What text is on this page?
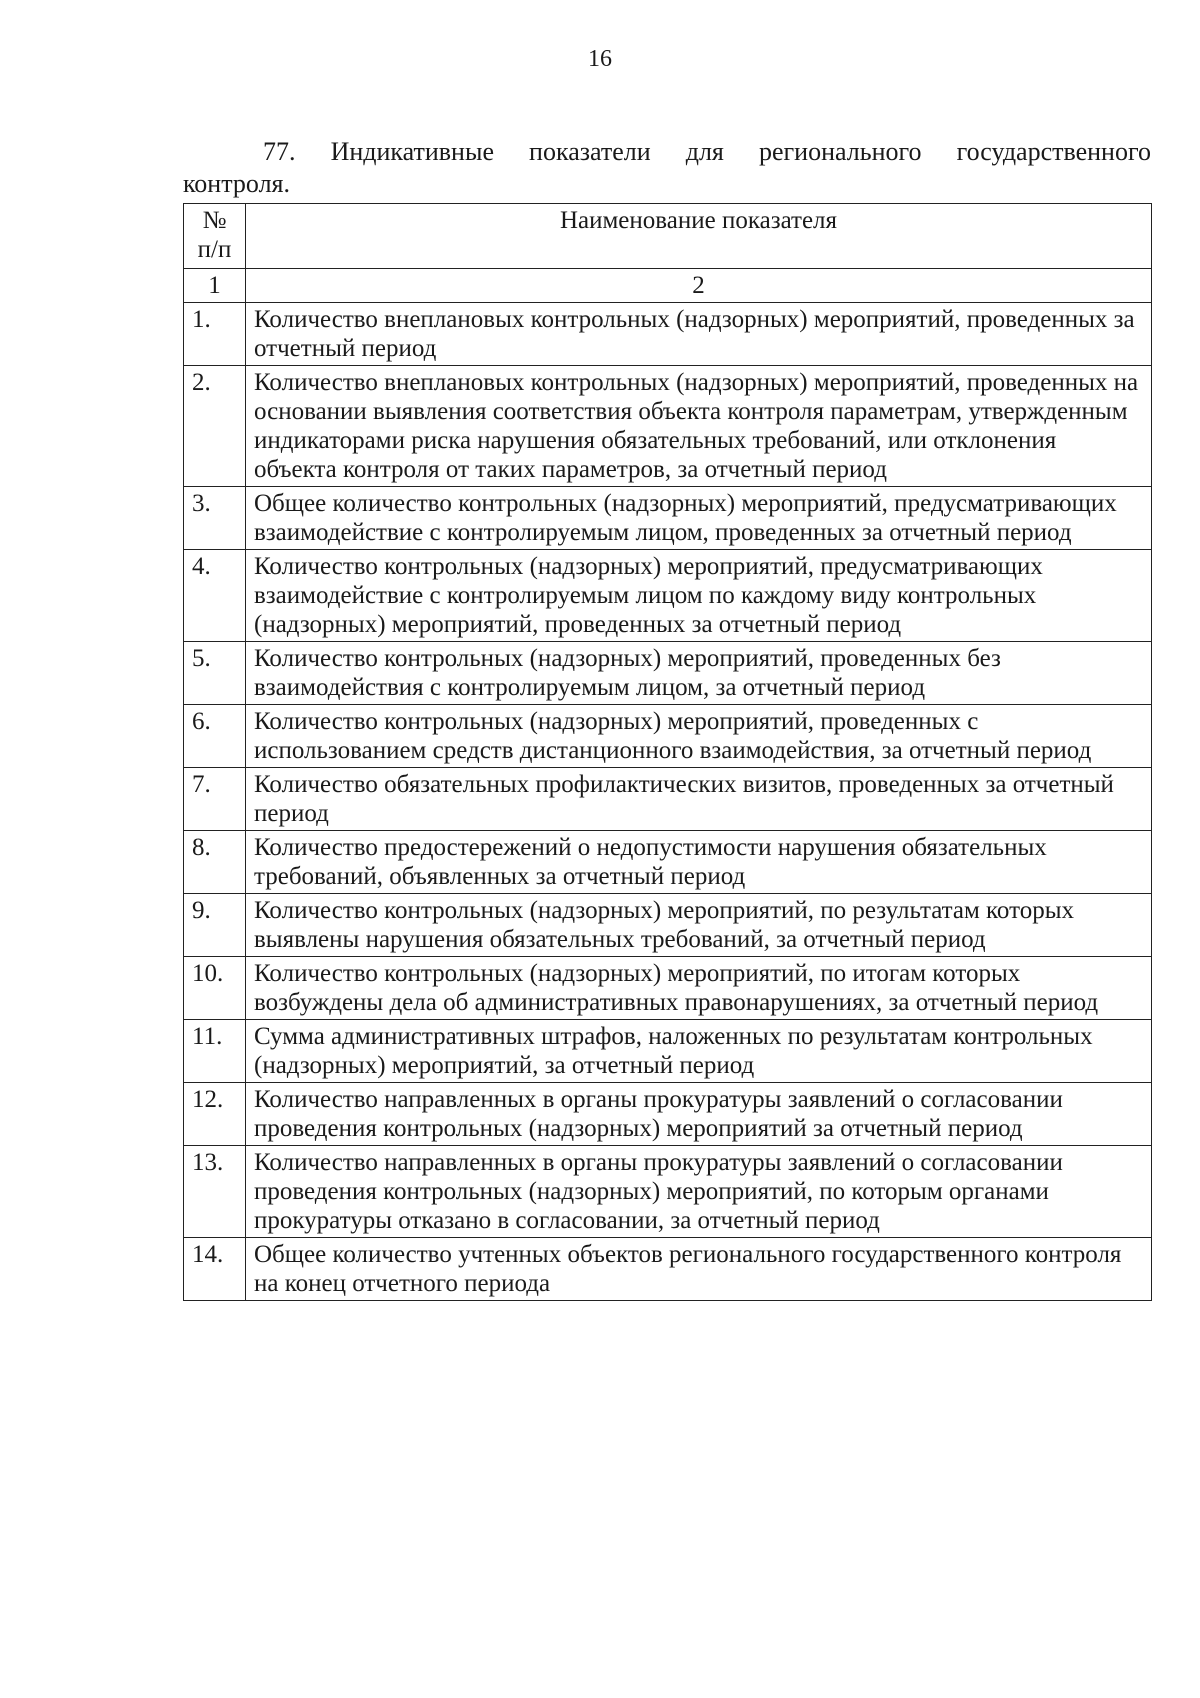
16
77. Индикативные показатели для регионального государственного
контроля.
№
п/п	Наименование показателя
1	2
1.	Количество внеплановых контрольных (надзорных) мероприятий, проведенных за отчетный период
2.	Количество внеплановых контрольных (надзорных) мероприятий, проведенных на основании выявления соответствия объекта контроля параметрам, утвержденным индикаторами риска нарушения обязательных требований, или отклонения объекта контроля от таких параметров, за отчетный период
3.	Общее количество контрольных (надзорных) мероприятий, предусматривающих взаимодействие с контролируемым лицом, проведенных за отчетный период
4.	Количество контрольных (надзорных) мероприятий, предусматривающих взаимодействие с контролируемым лицом по каждому виду контрольных (надзорных) мероприятий, проведенных за отчетный период
5.	Количество контрольных (надзорных) мероприятий, проведенных без взаимодействия с контролируемым лицом, за отчетный период
6.	Количество контрольных (надзорных) мероприятий, проведенных с использованием средств дистанционного взаимодействия, за отчетный период
7.	Количество обязательных профилактических визитов, проведенных за отчетный период
8.	Количество предостережений о недопустимости нарушения обязательных требований, объявленных за отчетный период
9.	Количество контрольных (надзорных) мероприятий, по результатам которых выявлены нарушения обязательных требований, за отчетный период
10.	Количество контрольных (надзорных) мероприятий, по итогам которых возбуждены дела об административных правонарушениях, за отчетный период
11.	Сумма административных штрафов, наложенных по результатам контрольных (надзорных) мероприятий, за отчетный период
12.	Количество направленных в органы прокуратуры заявлений о согласовании проведения контрольных (надзорных) мероприятий за отчетный период
13.	Количество направленных в органы прокуратуры заявлений о согласовании проведения контрольных (надзорных) мероприятий, по которым органами прокуратуры отказано в согласовании, за отчетный период
14.	Общее количество учтенных объектов регионального государственного контроля на конец отчетного периода
